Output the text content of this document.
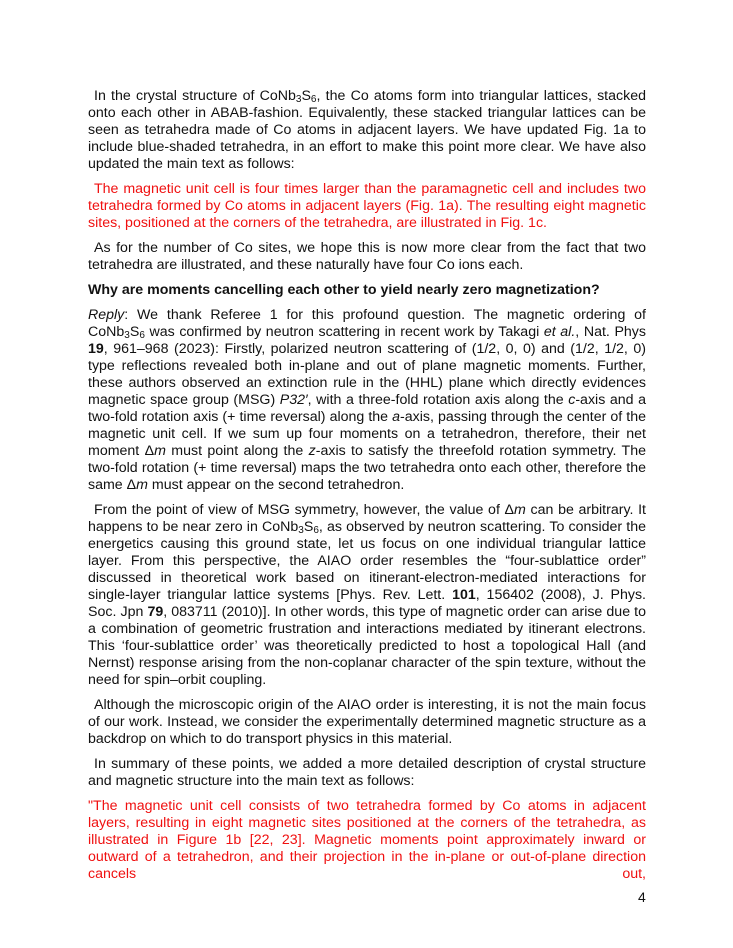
In the crystal structure of $CoNb_3S_6$, the Co atoms form into triangular lattices, stacked onto each other in ABAB-fashion. Equivalently, these stacked triangular lattices can be seen as tetrahedra made of Co atoms in adjacent layers. We have updated Fig. 1a to include blue-shaded tetrahedra, in an effort to make this point more clear. We have also updated the main text as follows:

The magnetic unit cell is four times larger than the paramagnetic cell and includes two tetrahedra formed by Co atoms in adjacent layers (Fig. 1a). The resulting eight magnetic sites, positioned at the corners of the tetrahedra, are illustrated in Fig. 1c.

As for the number of Co sites, we hope this is now more clear from the fact that two tetrahedra are illustrated, and these naturally have four Co ions each.

Why are moments cancelling each other to yield nearly zero magnetization?

Reply: We thank Referee 1 for this profound question. The magnetic ordering of $CoNb_3S_6$ was confirmed by neutron scattering in recent work by Takagi et al., Nat. Phys 19, 961–968 (2023): Firstly, polarized neutron scattering of (1/2, 0, 0) and (1/2, 1/2, 0) type reflections revealed both in-plane and out of plane magnetic moments. Further, these authors observed an extinction rule in the (HHL) plane which directly evidences magnetic space group (MSG) P32′, with a three-fold rotation axis along the c-axis and a two-fold rotation axis (+ time reversal) along the a-axis, passing through the center of the magnetic unit cell. If we sum up four moments on a tetrahedron, therefore, their net moment Δm must point along the z-axis to satisfy the threefold rotation symmetry. The two-fold rotation (+ time reversal) maps the two tetrahedra onto each other, therefore the same Δm must appear on the second tetrahedron.

From the point of view of MSG symmetry, however, the value of Δm can be arbitrary. It happens to be near zero in $CoNb_3S_6$, as observed by neutron scattering. To consider the energetics causing this ground state, let us focus on one individual triangular lattice layer. From this perspective, the AIAO order resembles the “four-sublattice order” discussed in theoretical work based on itinerant-electron-mediated interactions for single-layer triangular lattice systems [Phys. Rev. Lett. 101, 156402 (2008), J. Phys. Soc. Jpn 79, 083711 (2010)]. In other words, this type of magnetic order can arise due to a combination of geometric frustration and interactions mediated by itinerant electrons. This ‘four-sublattice order’ was theoretically predicted to host a topological Hall (and Nernst) response arising from the non-coplanar character of the spin texture, without the need for spin–orbit coupling.

Although the microscopic origin of the AIAO order is interesting, it is not the main focus of our work. Instead, we consider the experimentally determined magnetic structure as a backdrop on which to do transport physics in this material.

In summary of these points, we added a more detailed description of crystal structure and magnetic structure into the main text as follows:

"The magnetic unit cell consists of two tetrahedra formed by Co atoms in adjacent layers, resulting in eight magnetic sites positioned at the corners of the tetrahedra, as illustrated in Figure 1b [22, 23]. Magnetic moments point approximately inward or outward of a tetrahedron, and their projection in the in-plane or out-of-plane direction cancels out,

4
